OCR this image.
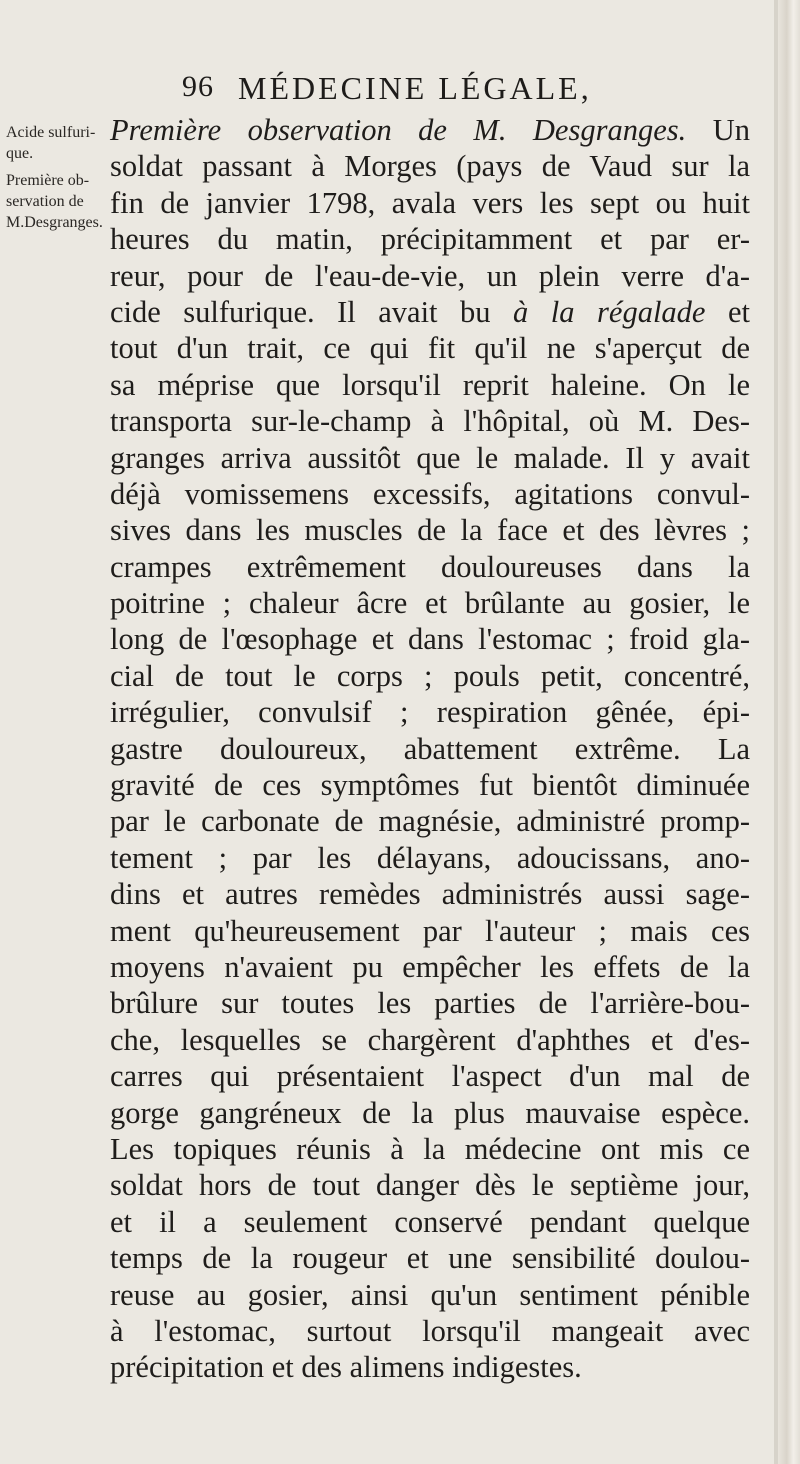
96 MÉDECINE LÉGALE,
Acide sulfuri-
que.
Première ob-
servation de
M.Desgranges.
Première observation de M. Desgranges. Un
soldat passant à Morges (pays de Vaud sur la
fin de janvier 1798, avala vers les sept ou huit
heures du matin, précipitamment et par er-
reur, pour de l'eau-de-vie, un plein verre d'a-
cide sulfurique. Il avait bu à la régalade et
tout d'un trait, ce qui fit qu'il ne s'aperçut de
sa méprise que lorsqu'il reprit haleine. On le
transporta sur-le-champ à l'hôpital, où M. Des-
granges arriva aussitôt que le malade. Il y avait
déjà vomissemens excessifs, agitations convul-
sives dans les muscles de la face et des lèvres ;
crampes extrêmement douloureuses dans la
poitrine ; chaleur âcre et brûlante au gosier, le
long de l'œsophage et dans l'estomac ; froid gla-
cial de tout le corps ; pouls petit, concentré,
irrégulier, convulsif ; respiration gênée, épi-
gastre douloureux, abattement extrême. La
gravité de ces symptômes fut bientôt diminuée
par le carbonate de magnésie, administré promp-
tement ; par les délayans, adoucissans, ano-
dins et autres remèdes administrés aussi sage-
ment qu'heureusement par l'auteur ; mais ces
moyens n'avaient pu empêcher les effets de la
brûlure sur toutes les parties de l'arrière-bou-
che, lesquelles se chargèrent d'aphthes et d'es-
carres qui présentaient l'aspect d'un mal de
gorge gangréneux de la plus mauvaise espèce.
Les topiques réunis à la médecine ont mis ce
soldat hors de tout danger dès le septième jour,
et il a seulement conservé pendant quelque
temps de la rougeur et une sensibilité doulou-
reuse au gosier, ainsi qu'un sentiment pénible
à l'estomac, surtout lorsqu'il mangeait avec
précipitation et des alimens indigestes.
